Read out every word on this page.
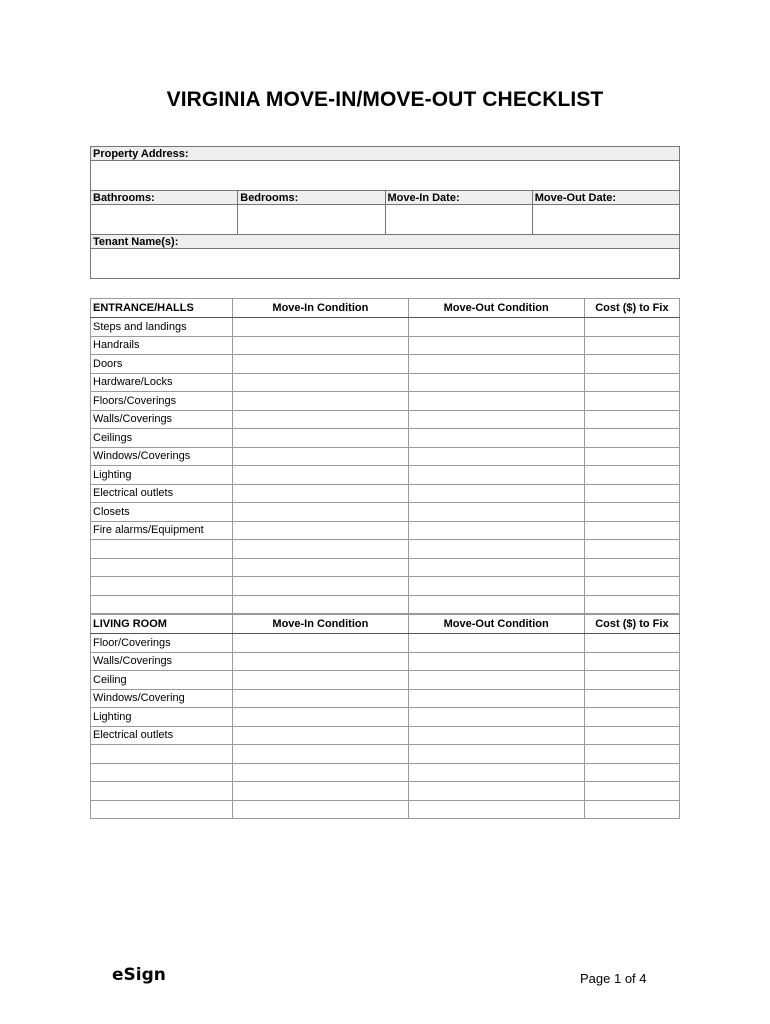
VIRGINIA MOVE-IN/MOVE-OUT CHECKLIST
Property Address:			

Bathrooms:	Bedrooms:	Move-In Date:	Move-Out Date:

Tenant Name(s):			

ENTRANCE/HALLS	Move-In Condition	Move-Out Condition	Cost ($) to Fix
Steps and landings			
Handrails			
Doors			
Hardware/Locks			
Floors/Coverings			
Walls/Coverings			
Ceilings			
Windows/Coverings			
Lighting			
Electrical outlets			
Closets			
Fire alarms/Equipment			

LIVING ROOM	Move-In Condition	Move-Out Condition	Cost ($) to Fix
Floor/Coverings			
Walls/Coverings			
Ceiling			
Windows/Covering			
Lighting			
Electrical outlets			

eSign	Page 1 of 4
